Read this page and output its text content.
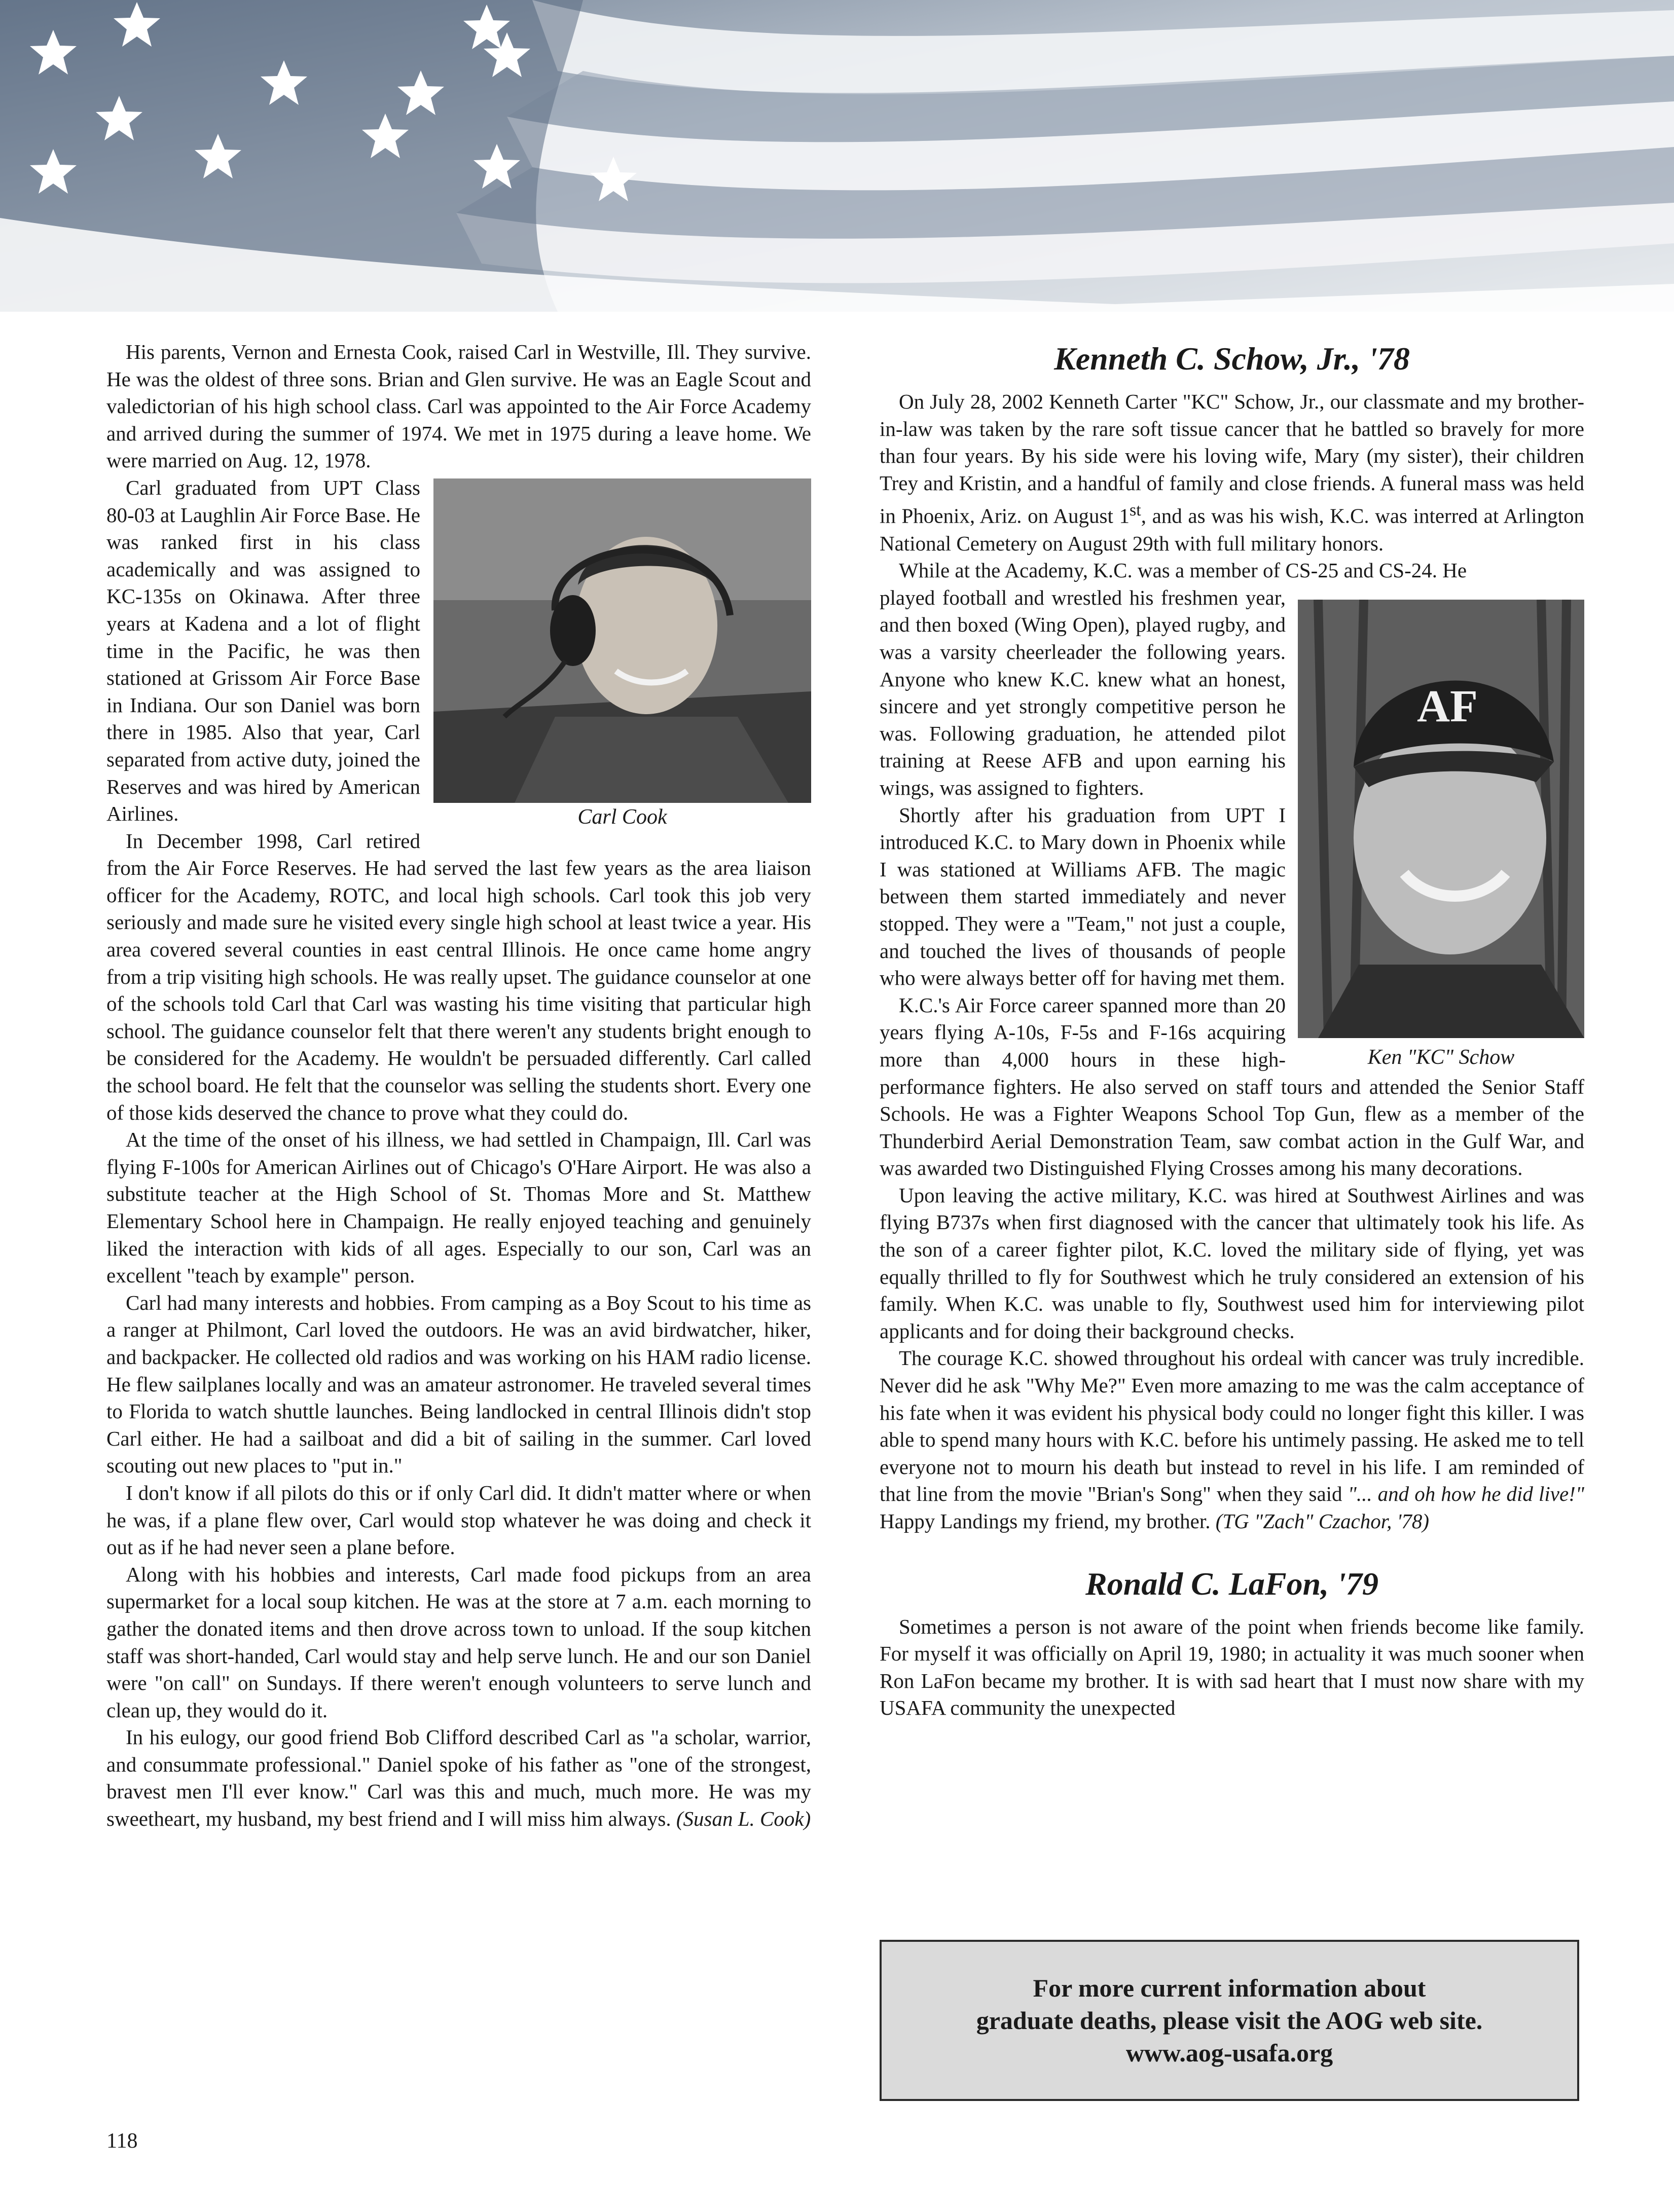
His parents, Vernon and Ernesta Cook, raised Carl in Westville, Ill. They survive. He was the oldest of three sons. Brian and Glen survive. He was an Eagle Scout and valedictorian of his high school class. Carl was appointed to the Air Force Academy and arrived during the summer of 1974. We met in 1975 during a leave home. We were married on Aug. 12, 1978.

Carl Cook

Carl graduated from UPT Class 80-03 at Laughlin Air Force Base. He was ranked first in his class academically and was assigned to KC-135s on Okinawa. After three years at Kadena and a lot of flight time in the Pacific, he was then stationed at Grissom Air Force Base in Indiana. Our son Daniel was born there in 1985. Also that year, Carl separated from active duty, joined the Reserves and was hired by American Airlines.

In December 1998, Carl retired from the Air Force Reserves. He had served the last few years as the area liaison officer for the Academy, ROTC, and local high schools. Carl took this job very seriously and made sure he visited every single high school at least twice a year. His area covered several counties in east central Illinois. He once came home angry from a trip visiting high schools. He was really upset. The guidance counselor at one of the schools told Carl that Carl was wasting his time visiting that particular high school. The guidance counselor felt that there weren't any students bright enough to be considered for the Academy. He wouldn't be persuaded differently. Carl called the school board. He felt that the counselor was selling the students short. Every one of those kids deserved the chance to prove what they could do.

At the time of the onset of his illness, we had settled in Champaign, Ill. Carl was flying F-100s for American Airlines out of Chicago's O'Hare Airport. He was also a substitute teacher at the High School of St. Thomas More and St. Matthew Elementary School here in Champaign. He really enjoyed teaching and genuinely liked the interaction with kids of all ages. Especially to our son, Carl was an excellent "teach by example" person.

Carl had many interests and hobbies. From camping as a Boy Scout to his time as a ranger at Philmont, Carl loved the outdoors. He was an avid birdwatcher, hiker, and backpacker. He collected old radios and was working on his HAM radio license. He flew sailplanes locally and was an amateur astronomer. He traveled several times to Florida to watch shuttle launches. Being landlocked in central Illinois didn't stop Carl either. He had a sailboat and did a bit of sailing in the summer. Carl loved scouting out new places to "put in."

I don't know if all pilots do this or if only Carl did. It didn't matter where or when he was, if a plane flew over, Carl would stop whatever he was doing and check it out as if he had never seen a plane before.

Along with his hobbies and interests, Carl made food pickups from an area supermarket for a local soup kitchen. He was at the store at 7 a.m. each morning to gather the donated items and then drove across town to unload. If the soup kitchen staff was short-handed, Carl would stay and help serve lunch. He and our son Daniel were "on call" on Sundays. If there weren't enough volunteers to serve lunch and clean up, they would do it.

In his eulogy, our good friend Bob Clifford described Carl as "a scholar, warrior, and consummate professional." Daniel spoke of his father as "one of the strongest, bravest men I'll ever know." Carl was this and much, much more. He was my sweetheart, my husband, my best friend and I will miss him always. (Susan L. Cook)

Kenneth C. Schow, Jr., '78

On July 28, 2002 Kenneth Carter "KC" Schow, Jr., our classmate and my brother-in-law was taken by the rare soft tissue cancer that he battled so bravely for more than four years. By his side were his loving wife, Mary (my sister), their children Trey and Kristin, and a handful of family and close friends. A funeral mass was held in Phoenix, Ariz. on August 1st, and as was his wish, K.C. was interred at Arlington National Cemetery on August 29th with full military honors.

While at the Academy, K.C. was a member of CS-25 and CS-24. He

AF
Ken "KC" Schow

played football and wrestled his freshmen year, and then boxed (Wing Open), played rugby, and was a varsity cheerleader the following years. Anyone who knew K.C. knew what an honest, sincere and yet strongly competitive person he was. Following graduation, he attended pilot training at Reese AFB and upon earning his wings, was assigned to fighters.

Shortly after his graduation from UPT I introduced K.C. to Mary down in Phoenix while I was stationed at Williams AFB. The magic between them started immediately and never stopped. They were a "Team," not just a couple, and touched the lives of thousands of people who were always better off for having met them.

K.C.'s Air Force career spanned more than 20 years flying A-10s, F-5s and F-16s acquiring more than 4,000 hours in these high-performance fighters. He also served on staff tours and attended the Senior Staff Schools. He was a Fighter Weapons School Top Gun, flew as a member of the Thunderbird Aerial Demonstration Team, saw combat action in the Gulf War, and was awarded two Distinguished Flying Crosses among his many decorations.

Upon leaving the active military, K.C. was hired at Southwest Airlines and was flying B737s when first diagnosed with the cancer that ultimately took his life. As the son of a career fighter pilot, K.C. loved the military side of flying, yet was equally thrilled to fly for Southwest which he truly considered an extension of his family. When K.C. was unable to fly, Southwest used him for interviewing pilot applicants and for doing their background checks.

The courage K.C. showed throughout his ordeal with cancer was truly incredible. Never did he ask "Why Me?" Even more amazing to me was the calm acceptance of his fate when it was evident his physical body could no longer fight this killer. I was able to spend many hours with K.C. before his untimely passing. He asked me to tell everyone not to mourn his death but instead to revel in his life. I am reminded of that line from the movie "Brian's Song" when they said "... and oh how he did live!" Happy Landings my friend, my brother. (TG "Zach" Czachor, '78)

Ronald C. LaFon, '79

Sometimes a person is not aware of the point when friends become like family. For myself it was officially on April 19, 1980; in actuality it was much sooner when Ron LaFon became my brother. It is with sad heart that I must now share with my USAFA community the unexpected

For more current information about
graduate deaths, please visit the AOG web site.
www.aog-usafa.org
118
